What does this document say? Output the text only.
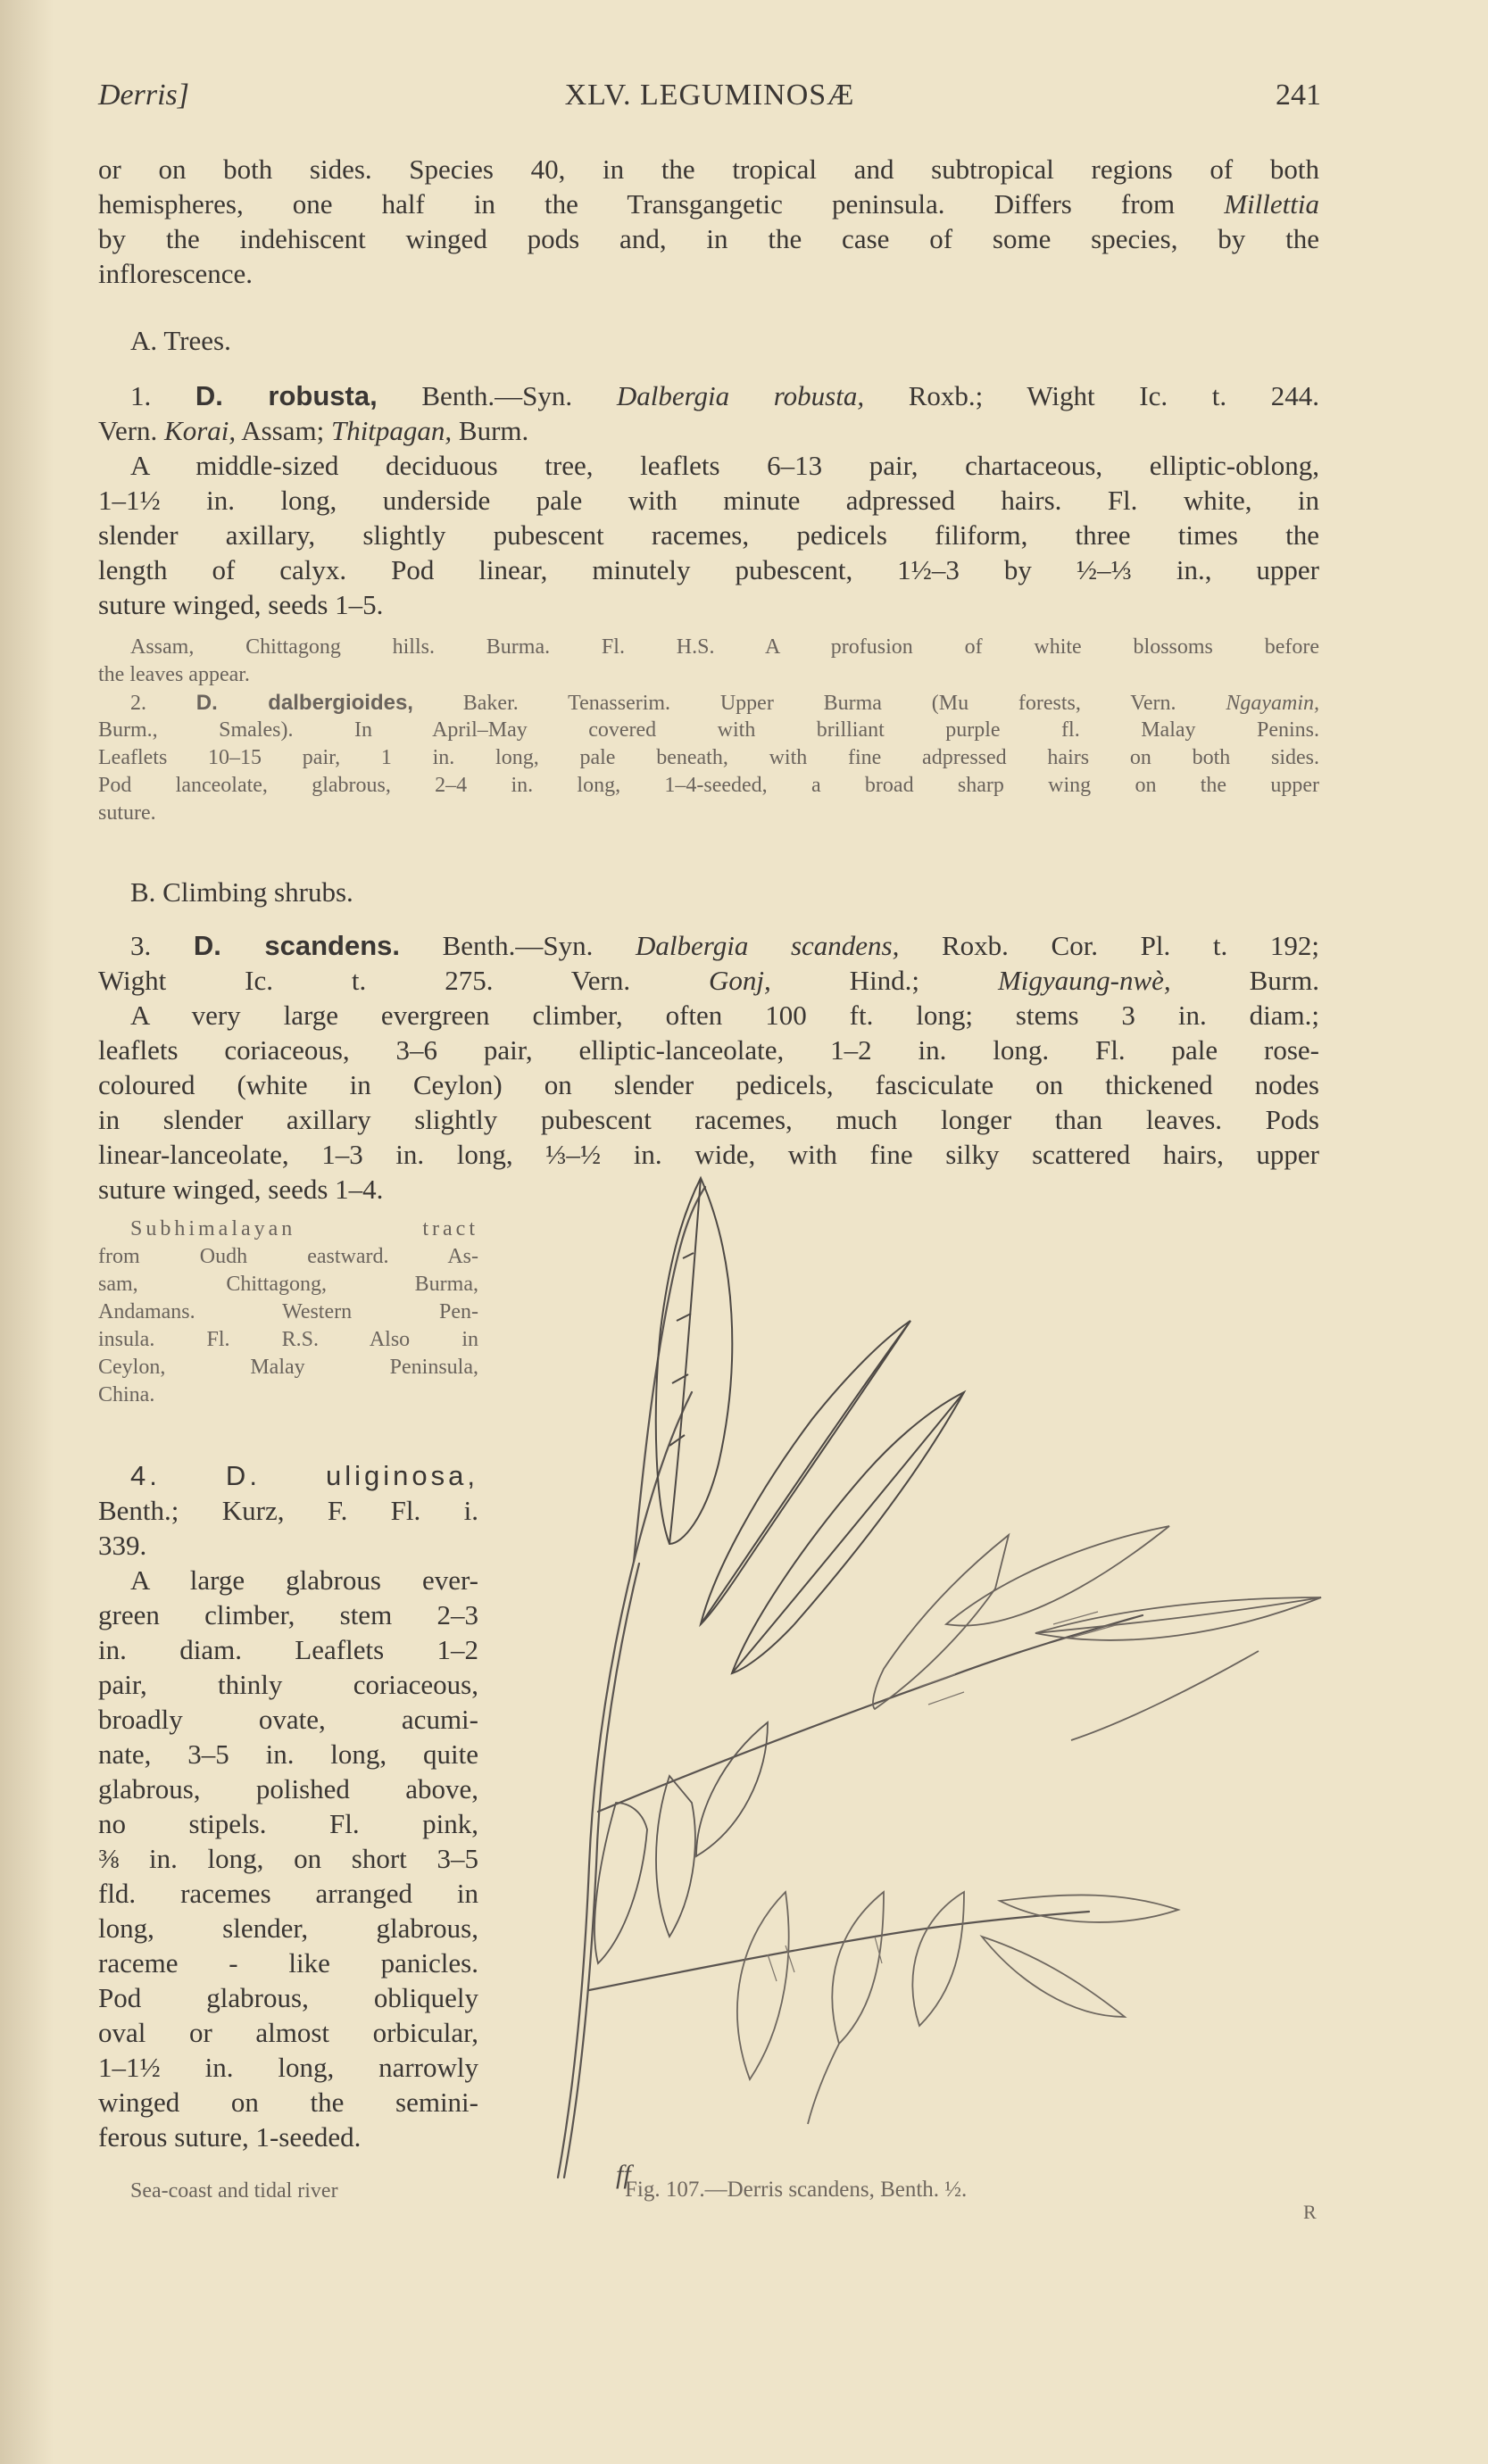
Derris]	XLV. LEGUMINOSÆ	241
or on both sides. Species 40, in the tropical and subtropical regions of both
hemispheres, one half in the Transgangetic peninsula. Differs from Millettia
by the indehiscent winged pods and, in the case of some species, by the
inflorescence.
A. Trees.
1. D. robusta, Benth.—Syn. Dalbergia robusta, Roxb.; Wight Ic. t. 244.
Vern. Korai, Assam; Thitpagan, Burm.
A middle-sized deciduous tree, leaflets 6–13 pair, chartaceous, elliptic-oblong,
1–1½ in. long, underside pale with minute adpressed hairs. Fl. white, in
slender axillary, slightly pubescent racemes, pedicels filiform, three times the
length of calyx. Pod linear, minutely pubescent, 1½–3 by ½–⅓ in., upper
suture winged, seeds 1–5.
Assam, Chittagong hills. Burma. Fl. H.S. A profusion of white blossoms before
the leaves appear.
2. D. dalbergioides, Baker. Tenasserim. Upper Burma (Mu forests, Vern. Ngayamin,
Burm., Smales). In April–May covered with brilliant purple fl. Malay Penins.
Leaflets 10–15 pair, 1 in. long, pale beneath, with fine adpressed hairs on both sides.
Pod lanceolate, glabrous, 2–4 in. long, 1–4-seeded, a broad sharp wing on the upper
suture.
B. Climbing shrubs.
3. D. scandens. Benth.—Syn. Dalbergia scandens, Roxb. Cor. Pl. t. 192;
Wight Ic. t. 275. Vern. Gonj, Hind.; Migyaung-nwè, Burm.
A very large evergreen climber, often 100 ft. long; stems 3 in. diam.;
leaflets coriaceous, 3–6 pair, elliptic-lanceolate, 1–2 in. long. Fl. pale rose-
coloured (white in Ceylon) on slender pedicels, fasciculate on thickened nodes
in slender axillary slightly pubescent racemes, much longer than leaves. Pods
linear-lanceolate, 1–3 in. long, ⅓–½ in. wide, with fine silky scattered hairs, upper
suture winged, seeds 1–4.
Subhimalayan tract
from Oudh eastward. As-
sam, Chittagong, Burma,
Andamans. Western Pen-
insula. Fl. R.S. Also in
Ceylon, Malay Peninsula,
China.
4. D. uliginosa,
Benth.; Kurz, F. Fl. i.
339.
A large glabrous ever-
green climber, stem 2–3
in. diam. Leaflets 1–2
pair, thinly coriaceous,
broadly ovate, acumi-
nate, 3–5 in. long, quite
glabrous, polished above,
no stipels. Fl. pink,
⅜ in. long, on short 3–5
fld. racemes arranged in
long, slender, glabrous,
raceme - like panicles.
Pod glabrous, obliquely
oval or almost orbicular,
1–1½ in. long, narrowly
winged on the semini-
ferous suture, 1-seeded.
Sea-coast and tidal river
ff
Fig. 107.—Derris scandens, Benth. ½.
R
